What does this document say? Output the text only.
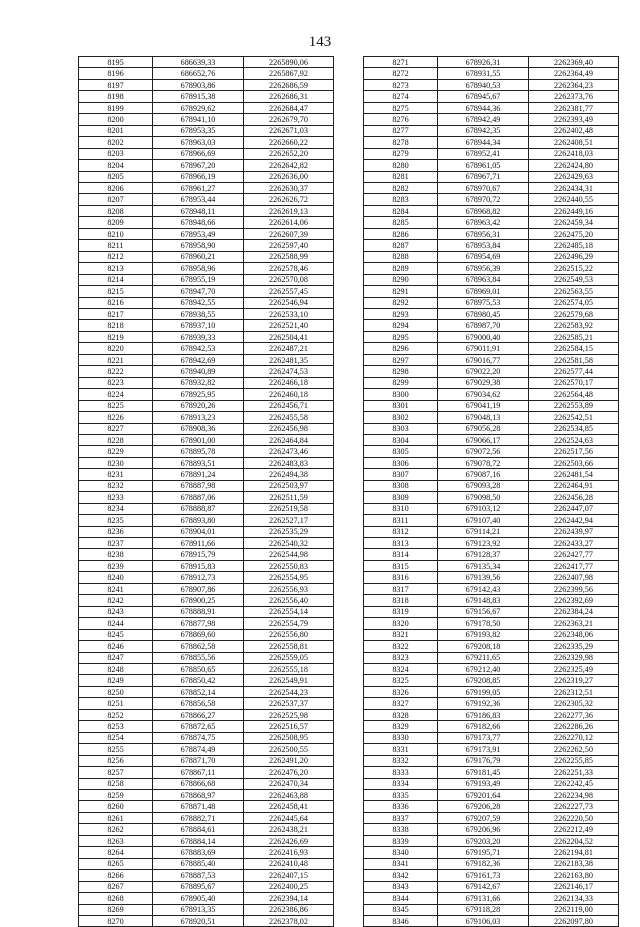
143
8195	686639,33	2265890,06
8196	686652,76	2265867,92
8197	678903,86	2262686,59
8198	678915,38	2262686,31
8199	678929,62	2262684,47
8200	678941,10	2262679,70
8201	678953,35	2262671,03
8202	678963,03	2262660,22
8203	678966,69	2262652,20
8204	678967,20	2262642,82
8205	678966,19	2262636,00
8206	678961,27	2262630,37
8207	678953,44	2262626,72
8208	678948,11	2262619,13
8209	678948,66	2262614,06
8210	678953,49	2262607,39
8211	678958,90	2262597,40
8212	678960,21	2262588,99
8213	678958,96	2262578,46
8214	678955,19	2262570,08
8215	678947,70	2262557,45
8216	678942,55	2262546,94
8217	678938,55	2262533,10
8218	678937,10	2262521,40
8219	678939,33	2262504,41
8220	678942,53	2262487,21
8221	678942,69	2262481,35
8222	678940,89	2262474,53
8223	678932,82	2262466,18
8224	678925,95	2262460,18
8225	678920,26	2262456,71
8226	678913,23	2262455,58
8227	678908,36	2262456,98
8228	678901,00	2262464,84
8229	678895,78	2262473,46
8230	678893,51	2262483,83
8231	678891,24	2262494,38
8232	678887,98	2262503,97
8233	678887,06	2262511,59
8234	678888,87	2262519,58
8235	678893,80	2262527,17
8236	678904,01	2262535,29
8237	678911,66	2262540,32
8238	678915,79	2262544,98
8239	678915,83	2262550,83
8240	678912,73	2262554,95
8241	678907,86	2262556,93
8242	678900,25	2262556,40
8243	678888,91	2262554,14
8244	678877,98	2262554,79
8245	678869,60	2262556,80
8246	678862,58	2262558,81
8247	678855,56	2262559,05
8248	678850,65	2262555,18
8249	678850,42	2262549,91
8250	678852,14	2262544,23
8251	678856,58	2262537,37
8252	678866,27	2262525,98
8253	678872,65	2262516,57
8254	678874,75	2262508,95
8255	678874,49	2262500,55
8256	678871,70	2262491,20
8257	678867,11	2262476,20
8258	678866,68	2262470,34
8259	678868,97	2262463,88
8260	678871,48	2262458,41
8261	678882,71	2262445,64
8262	678884,61	2262438,21
8263	678884,14	2262426,69
8264	678883,69	2262416,93
8265	678885,40	2262410,48
8266	678887,53	2262407,15
8267	678895,67	2262400,25
8268	678905,40	2262394,14
8269	678913,35	2262386,86
8270	678920,51	2262378,02
8271	678926,31	2262369,40
8272	678931,55	2262364,49
8273	678940,53	2262364,23
8274	678945,67	2262373,76
8275	678944,36	2262381,77
8276	678942,49	2262393,49
8277	678942,35	2262402,48
8278	678944,34	2262408,51
8279	678952,41	2262418,03
8280	678961,05	2262424,80
8281	678967,71	2262429,63
8282	678970,67	2262434,31
8283	678970,72	2262440,55
8284	678968,82	2262449,16
8285	678963,42	2262459,34
8286	678956,31	2262475,20
8287	678953,84	2262485,18
8288	678954,69	2262496,29
8289	678956,39	2262515,22
8290	678963,84	2262549,53
8291	678969,01	2262563,55
8292	678975,53	2262574,05
8293	678980,45	2262579,68
8294	678987,70	2262583,92
8295	679000,40	2262585,21
8296	679011,91	2262584,15
8297	679016,77	2262581,58
8298	679022,20	2262577,44
8299	679029,38	2262570,17
8300	679034,62	2262564,48
8301	679041,19	2262553,89
8302	679048,13	2262542,51
8303	679056,28	2262534,85
8304	679066,17	2262524,63
8305	679072,56	2262517,56
8306	679078,72	2262503,66
8307	679087,16	2262481,54
8308	679093,28	2262464,91
8309	679098,50	2262456,28
8310	679103,12	2262447,07
8311	679107,40	2262442,94
8312	679114,21	2262439,97
8313	679123,92	2262433,27
8314	679128,37	2262427,77
8315	679135,34	2262417,77
8316	679139,56	2262407,98
8317	679142,43	2262399,56
8318	679148,83	2262392,69
8319	679156,67	2262384,24
8320	679178,50	2262363,21
8321	679193,82	2262348,06
8322	679208,18	2262335,29
8323	679211,65	2262329,98
8324	679212,40	2262325,49
8325	679208,85	2262319,27
8326	679199,05	2262312,51
8327	679192,36	2262305,32
8328	679186,83	2262277,36
8329	679182,66	2262286,26
8330	679173,77	2262270,12
8331	679173,91	2262262,50
8332	679176,79	2262255,85
8333	679181,45	2262251,33
8334	679193,49	2262242,45
8335	679201,64	2262234,98
8336	679206,28	2262227,73
8337	679207,59	2262220,50
8338	679206,96	2262212,49
8339	679203,20	2262204,52
8340	679195,71	2262194,81
8341	679182,36	2262183,38
8342	679161,73	2262163,80
8343	679142,67	2262146,17
8344	679131,66	2262134,33
8345	679118,28	2262119,00
8346	679106,03	2262097,80
